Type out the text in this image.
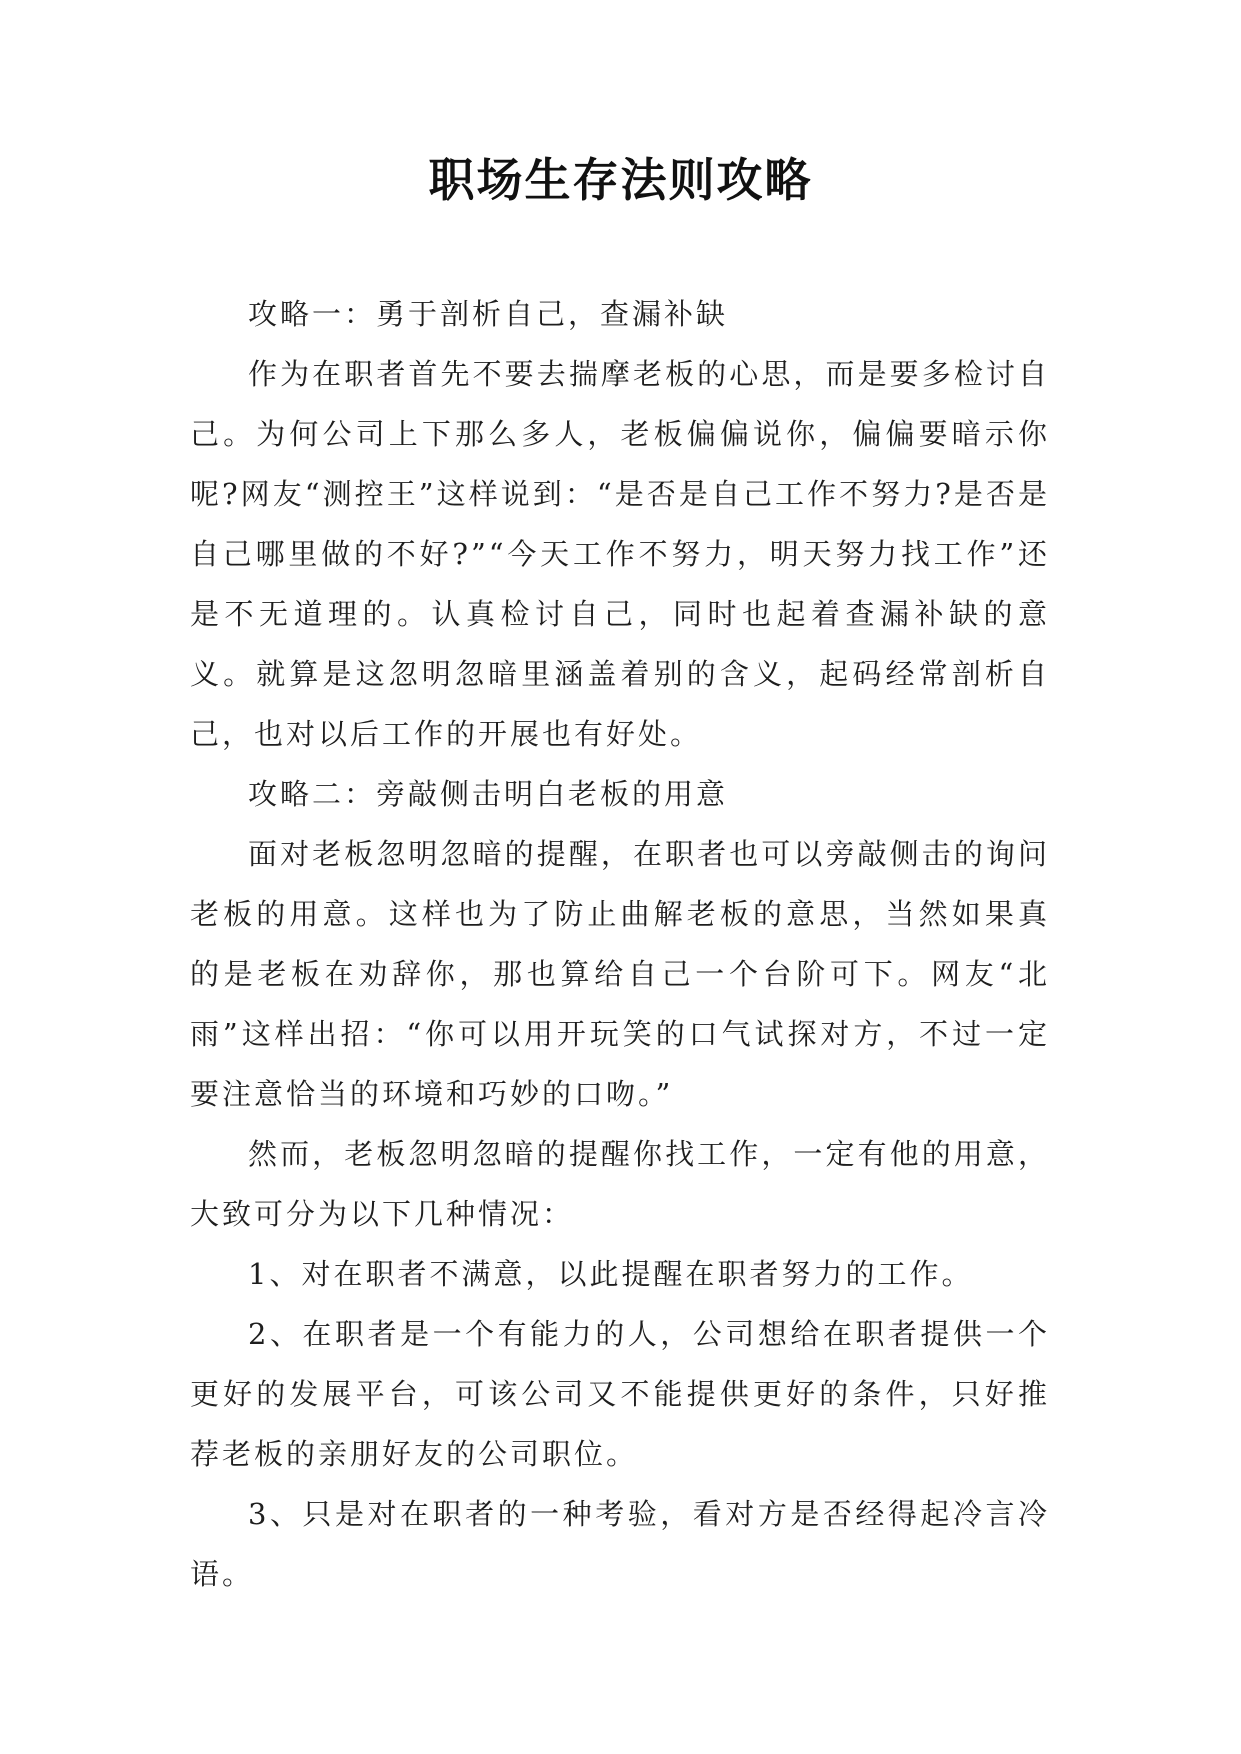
职场生存法则攻略

攻略一：勇于剖析自己，查漏补缺

作为在职者首先不要去揣摩老板的心思，而是要多检讨自己。为何公司上下那么多人，老板偏偏说你，偏偏要暗示你呢?网友“测控王”这样说到：“是否是自己工作不努力?是否是自己哪里做的不好?”“今天工作不努力，明天努力找工作”还是不无道理的。认真检讨自己，同时也起着查漏补缺的意义。就算是这忽明忽暗里涵盖着别的含义，起码经常剖析自己，也对以后工作的开展也有好处。

攻略二：旁敲侧击明白老板的用意

面对老板忽明忽暗的提醒，在职者也可以旁敲侧击的询问老板的用意。这样也为了防止曲解老板的意思，当然如果真的是老板在劝辞你，那也算给自己一个台阶可下。网友“北雨”这样出招：“你可以用开玩笑的口气试探对方，不过一定要注意恰当的环境和巧妙的口吻。”

然而，老板忽明忽暗的提醒你找工作，一定有他的用意，大致可分为以下几种情况：

1、对在职者不满意，以此提醒在职者努力的工作。

2、在职者是一个有能力的人，公司想给在职者提供一个更好的发展平台，可该公司又不能提供更好的条件，只好推荐老板的亲朋好友的公司职位。

3、只是对在职者的一种考验，看对方是否经得起冷言冷语。
